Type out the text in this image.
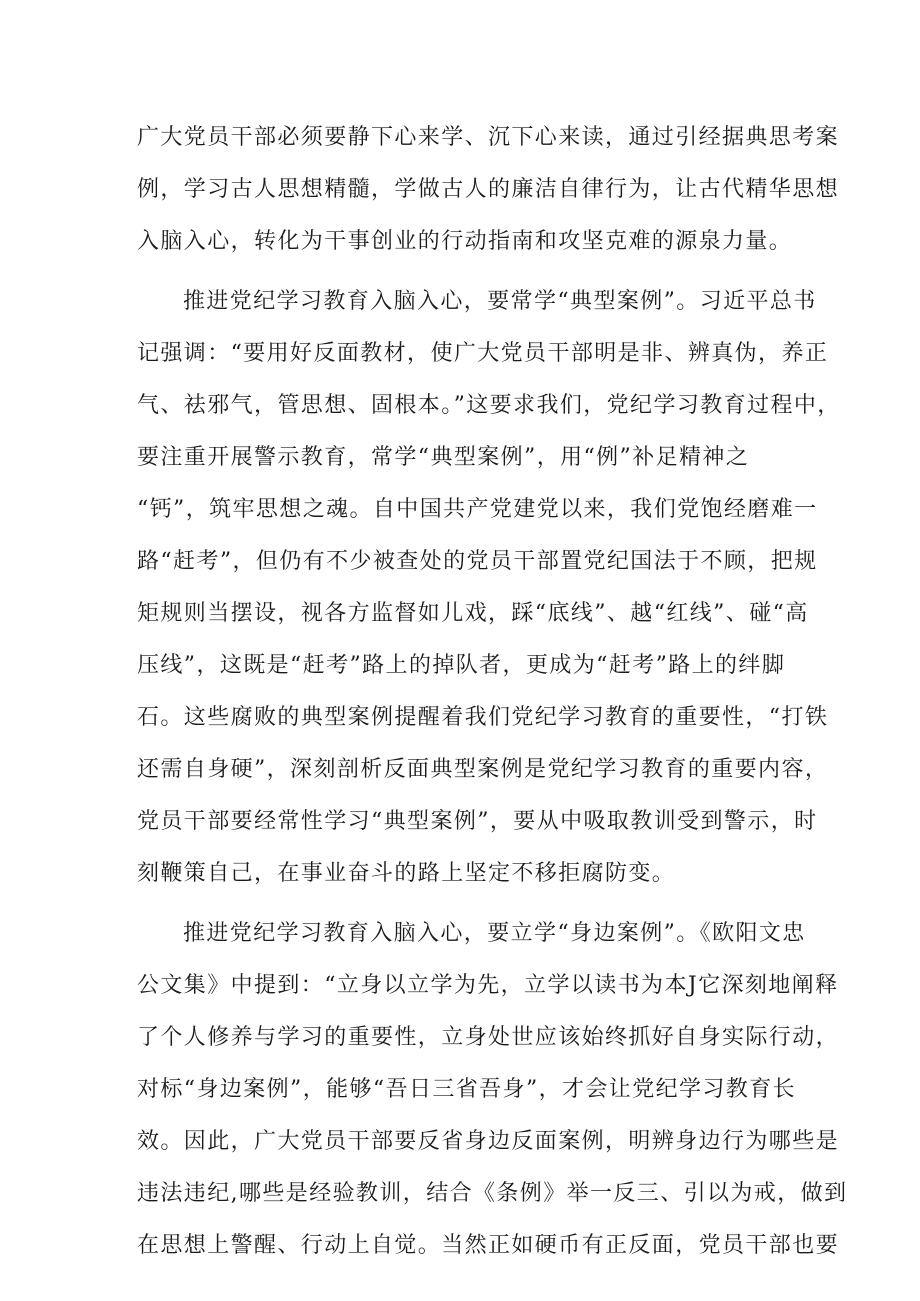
广大党员干部必须要静下心来学、沉下心来读，通过引经据典思考案
例，学习古人思想精髓，学做古人的廉洁自律行为，让古代精华思想
入脑入心，转化为干事创业的行动指南和攻坚克难的源泉力量。
推进党纪学习教育入脑入心，要常学“典型案例”。习近平总书
记强调：“要用好反面教材，使广大党员干部明是非、辨真伪，养正
气、祛邪气，管思想、固根本。”这要求我们，党纪学习教育过程中，
要注重开展警示教育，常学“典型案例”，用“例”补足精神之
“钙”，筑牢思想之魂。自中国共产党建党以来，我们党饱经磨难一
路“赶考”，但仍有不少被查处的党员干部置党纪国法于不顾，把规
矩规则当摆设，视各方监督如儿戏，踩“底线”、越“红线”、碰“高
压线”，这既是“赶考”路上的掉队者，更成为“赶考”路上的绊脚
石。这些腐败的典型案例提醒着我们党纪学习教育的重要性，“打铁
还需自身硬”，深刻剖析反面典型案例是党纪学习教育的重要内容，
党员干部要经常性学习“典型案例”，要从中吸取教训受到警示，时
刻鞭策自己，在事业奋斗的路上坚定不移拒腐防变。
推进党纪学习教育入脑入心，要立学“身边案例”。《欧阳文忠
公文集》中提到：“立身以立学为先，立学以读书为本J它深刻地阐释
了个人修养与学习的重要性，立身处世应该始终抓好自身实际行动，
对标“身边案例”，能够“吾日三省吾身”，才会让党纪学习教育长
效。因此，广大党员干部要反省身边反面案例，明辨身边行为哪些是
违法违纪,哪些是经验教训，结合《条例》举一反三、引以为戒，做到
在思想上警醒、行动上自觉。当然正如硬币有正反面，党员干部也要
